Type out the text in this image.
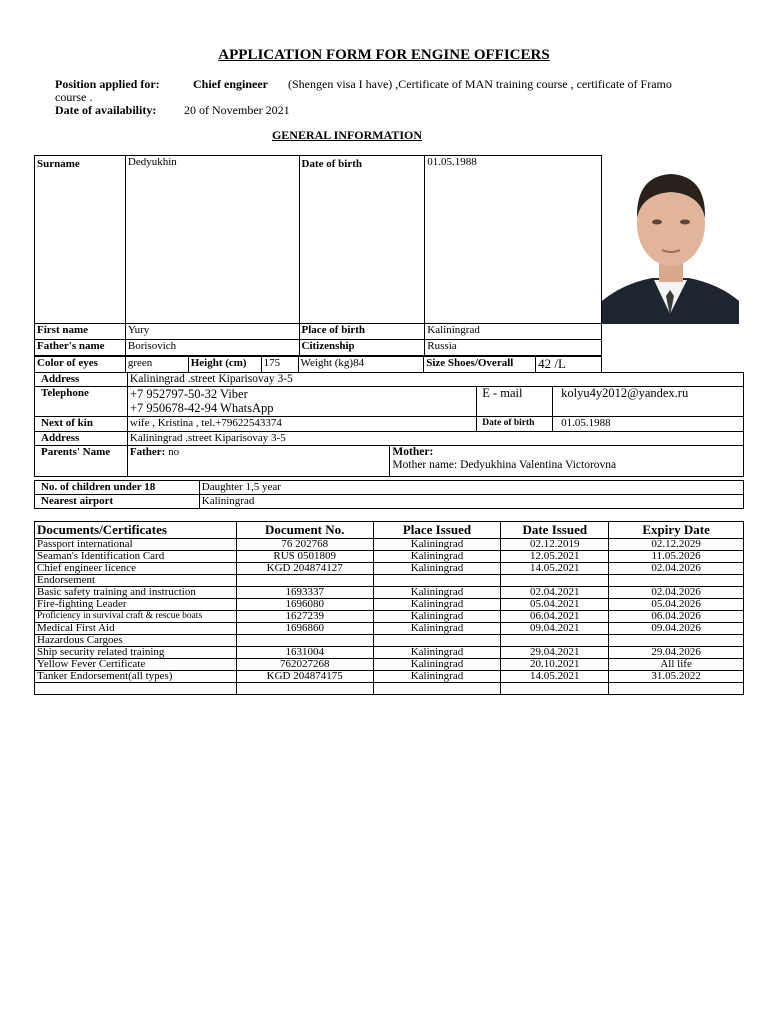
APPLICATION FORM FOR ENGINE OFFICERS
Position applied for:	Chief engineer (Shengen visa I have) ,Certificate of MAN training course , certificate of Framo
course .
Date of availability: 20 of November 2021
GENERAL INFORMATION
Surname	Dedyukhin	Date of birth	01.05.1988
First name	Yury	Place of birth	Kaliningrad
Father's name	Borisovich	Citizenship	Russia
Color of eyes	green	Height (cm)	175	Weight (kg)84	Size Shoes/Overall	42 /L
Address	Kaliningrad .street Kiparisovay 3-5			
Telephone	+7 952797-50-32 Viber
+7 950678-42-94 WhatsApp		E - mail	kolyu4y2012@yandex.ru
Next of kin	wife , Kristina , tel.+79622543374		Date of birth	01.05.1988
Address	Kaliningrad .street Kiparisovay 3-5			
Parents' Name	Father: no	Mother:
Mother name: Dedyukhina Valentina Victorovna		
No. of children under 18	Daughter 1,5 year
Nearest airport	Kaliningrad
Documents/Certificates	Document No.	Place Issued	Date Issued	Expiry Date
Passport international	76 202768	Kaliningrad	02.12.2019	02.12.2029
Seaman's Identification Card	RUS 0501809	Kaliningrad	12.05.2021	11.05.2026
Chief engineer licence	KGD 204874127	Kaliningrad	14.05.2021	02.04.2026
Endorsement				
Basic safety training and instruction	1693337	Kaliningrad	02.04.2021	02.04.2026
Fire-fighting Leader	1696080	Kaliningrad	05.04.2021	05.04.2026
Proficiency in survival craft & rescue boats	1627239	Kaliningrad	06.04.2021	06.04.2026
Medical First Aid	1696860	Kaliningrad	09.04.2021	09.04.2026
Hazardous Cargoes				
Ship security related training	1631004	Kaliningrad	29.04.2021	29.04.2026
Yellow Fever Certificate	762027268	Kaliningrad	20.10.2021	All life
Tanker Endorsement(all types)	KGD 204874175	Kaliningrad	14.05.2021	31.05.2022
